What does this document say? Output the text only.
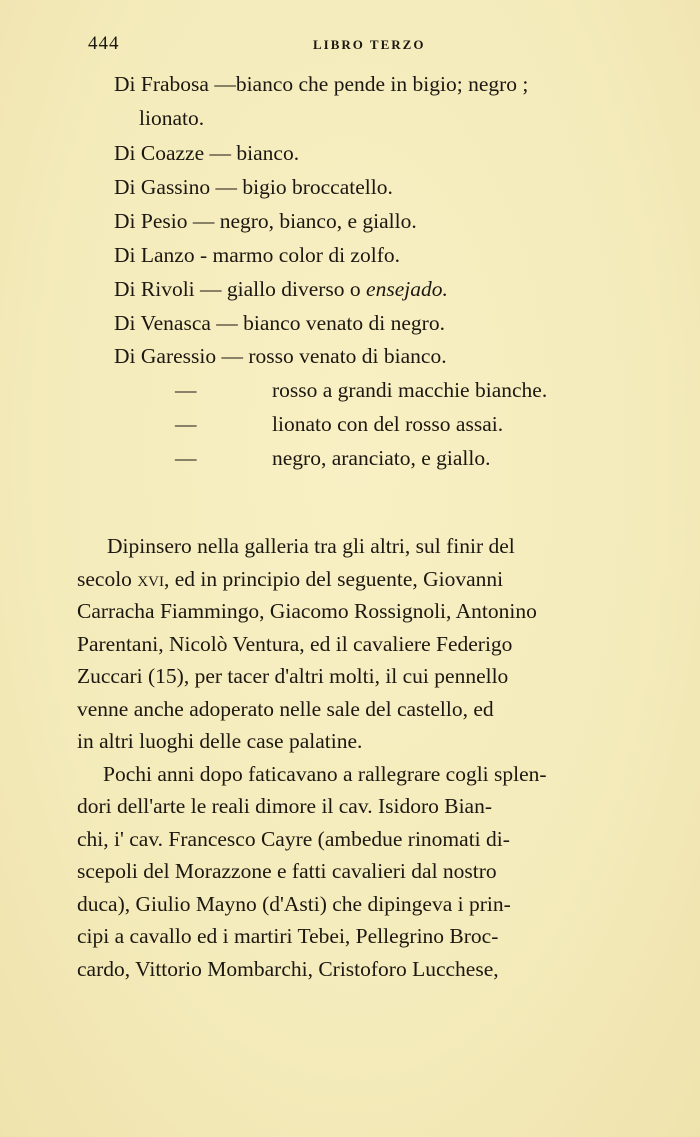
444	LIBRO TERZO
Di Frabosa —bianco che pende in bigio; negro ;
lionato.
Di Coazze — bianco.
Di Gassino — bigio broccatello.
Di Pesio — negro, bianco, e giallo.
Di Lanzo - marmo color di zolfo.
Di Rivoli — giallo diverso o ensejado.
Di Venasca — bianco venato di negro.
Di Garessio — rosso venato di bianco.
—	rosso a grandi macchie bianche.
—	lionato con del rosso assai.
—	negro, aranciato, e giallo.
Dipinsero nella galleria tra gli altri, sul finir del
secolo xvi, ed in principio del seguente, Giovanni
Carracha Fiammingo, Giacomo Rossignoli, Antonino
Parentani, Nicolò Ventura, ed il cavaliere Federigo
Zuccari (15), per tacer d'altri molti, il cui pennello
venne anche adoperato nelle sale del castello, ed
in altri luoghi delle case palatine.
Pochi anni dopo faticavano a rallegrare cogli splen-
dori dell'arte le reali dimore il cav. Isidoro Bian-
chi, i' cav. Francesco Cayre (ambedue rinomati di-
scepoli del Morazzone e fatti cavalieri dal nostro
duca), Giulio Mayno (d'Asti) che dipingeva i prin-
cipi a cavallo ed i martiri Tebei, Pellegrino Broc-
cardo, Vittorio Mombarchi, Cristoforo Lucchese,
